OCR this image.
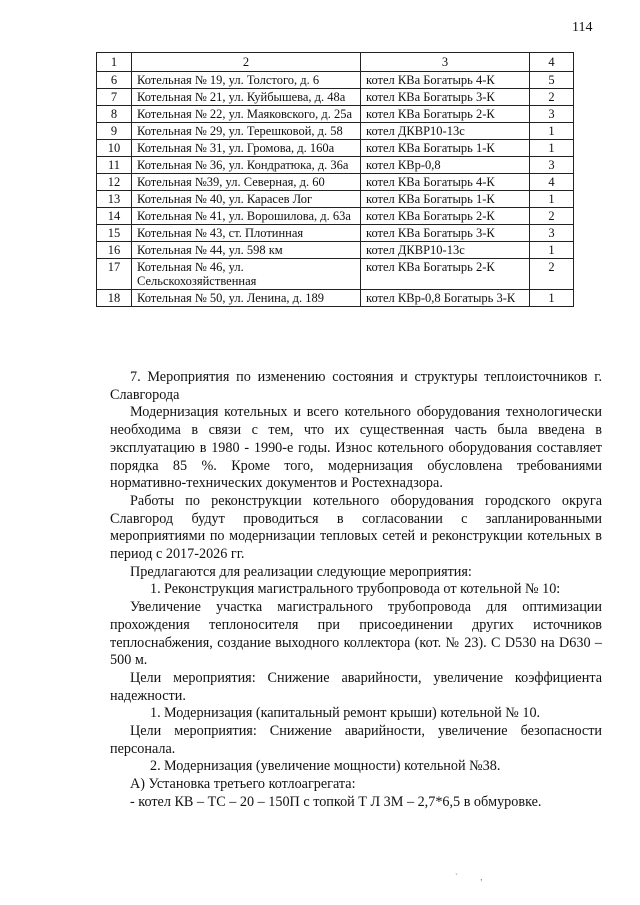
114
1	2	3	4
6	Котельная № 19, ул. Толстого, д. 6	котел КВа Богатырь 4-К	5
7	Котельная № 21, ул. Куйбышева, д. 48а	котел КВа Богатырь 3-К	2
8	Котельная № 22, ул. Маяковского, д. 25а	котел КВа Богатырь 2-К	3
9	Котельная № 29, ул. Терешковой, д. 58	котел ДКВР10-13с	1
10	Котельная № 31, ул. Громова, д. 160а	котел КВа Богатырь 1-К	1
11	Котельная № 36, ул. Кондратюка, д. 36а	котел КВр-0,8	3
12	Котельная №39, ул. Северная, д. 60	котел КВа Богатырь 4-К	4
13	Котельная № 40, ул. Карасев Лог	котел КВа Богатырь 1-К	1
14	Котельная № 41, ул. Ворошилова, д. 63а	котел КВа Богатырь 2-К	2
15	Котельная № 43, ст. Плотинная	котел КВа Богатырь 3-К	3
16	Котельная № 44, ул. 598 км	котел ДКВР10-13с	1
17	Котельная № 46, ул. Сельскохозяйственная	котел КВа Богатырь 2-К	2
18	Котельная № 50, ул. Ленина, д. 189	котел КВр-0,8 Богатырь 3-К	1

7. Мероприятия по изменению состояния и структуры теплоисточников г. Славгорода

Модернизация котельных и всего котельного оборудования технологически необходима в связи с тем, что их существенная часть была введена в эксплуатацию в 1980 - 1990-е годы. Износ котельного оборудования составляет порядка 85 %. Кроме того, модернизация обусловлена требованиями нормативно-технических документов и Ростехнадзора.

Работы по реконструкции котельного оборудования городского округа Славгород будут проводиться в согласовании с запланированными мероприятиями по модернизации тепловых сетей и реконструкции котельных в период с 2017-2026 гг.

Предлагаются для реализации следующие мероприятия:

1. Реконструкция магистрального трубопровода от котельной № 10:

Увеличение участка магистрального трубопровода для оптимизации прохождения теплоносителя при присоединении других источников теплоснабжения, создание выходного коллектора (кот. № 23). С D530 на D630 – 500 м.

Цели мероприятия: Снижение аварийности, увеличение коэффициента надежности.

1. Модернизация (капитальный ремонт крыши) котельной № 10.

Цели мероприятия: Снижение аварийности, увеличение безопасности персонала.

2. Модернизация (увеличение мощности) котельной №38.

А) Установка третьего котлоагрегата:

- котел КВ – ТС – 20 – 150П с топкой Т Л 3М – 2,7*6,5 в обмуровке.

` ,
